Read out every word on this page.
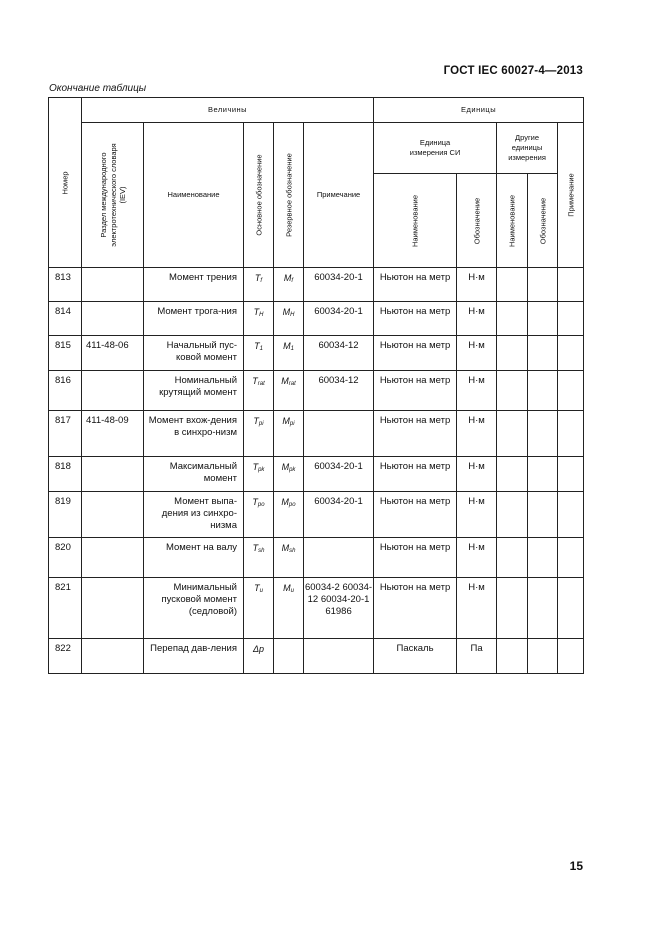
ГОСТ IEC 60027-4—2013
Окончание таблицы
Номер	Величины					Единицы				

	Раздел международного электротехнического словаря (IEV)	Наименование	Основное обозначение	Резервное обозначение	Примечание	Единица измерения СИ		Другие единицы измерения		Примечание

						Наименование	Обозначение	Наименование	Обозначение	

813		Момент трения	$T_f$	$M_f$	60034-20-1	Ньютон на метр	Н·м			
814		Момент трога-ния	$T_H$	$M_H$	60034-20-1	Ньютон на метр	Н·м			
815	411-48-06	Начальный пус-ковой момент	$T_1$	$M_1$	60034-12	Ньютон на метр	Н·м			
816		Номинальный крутящий момент	$T_{rat}$	$M_{rat}$	60034-12	Ньютон на метр	Н·м			
817	411-48-09	Момент вхож-дения в синхро-низм	$T_{pi}$	$M_{pi}$		Ньютон на метр	Н·м			
818		Максимальный момент	$T_{pk}$	$M_{pk}$	60034-20-1	Ньютон на метр	Н·м			
819		Момент выпа-дения из синхро-низма	$T_{po}$	$M_{po}$	60034-20-1	Ньютон на метр	Н·м			
820		Момент на валу	$T_{sh}$	$M_{sh}$		Ньютон на метр	Н·м			
821		Минимальный пусковой момент (седловой)	$T_u$	$M_u$	60034-2 60034-12 60034-20-1 61986	Ньютон на метр	Н·м			
822		Перепад дав-ления	Δp			Паскаль	Па			
15
